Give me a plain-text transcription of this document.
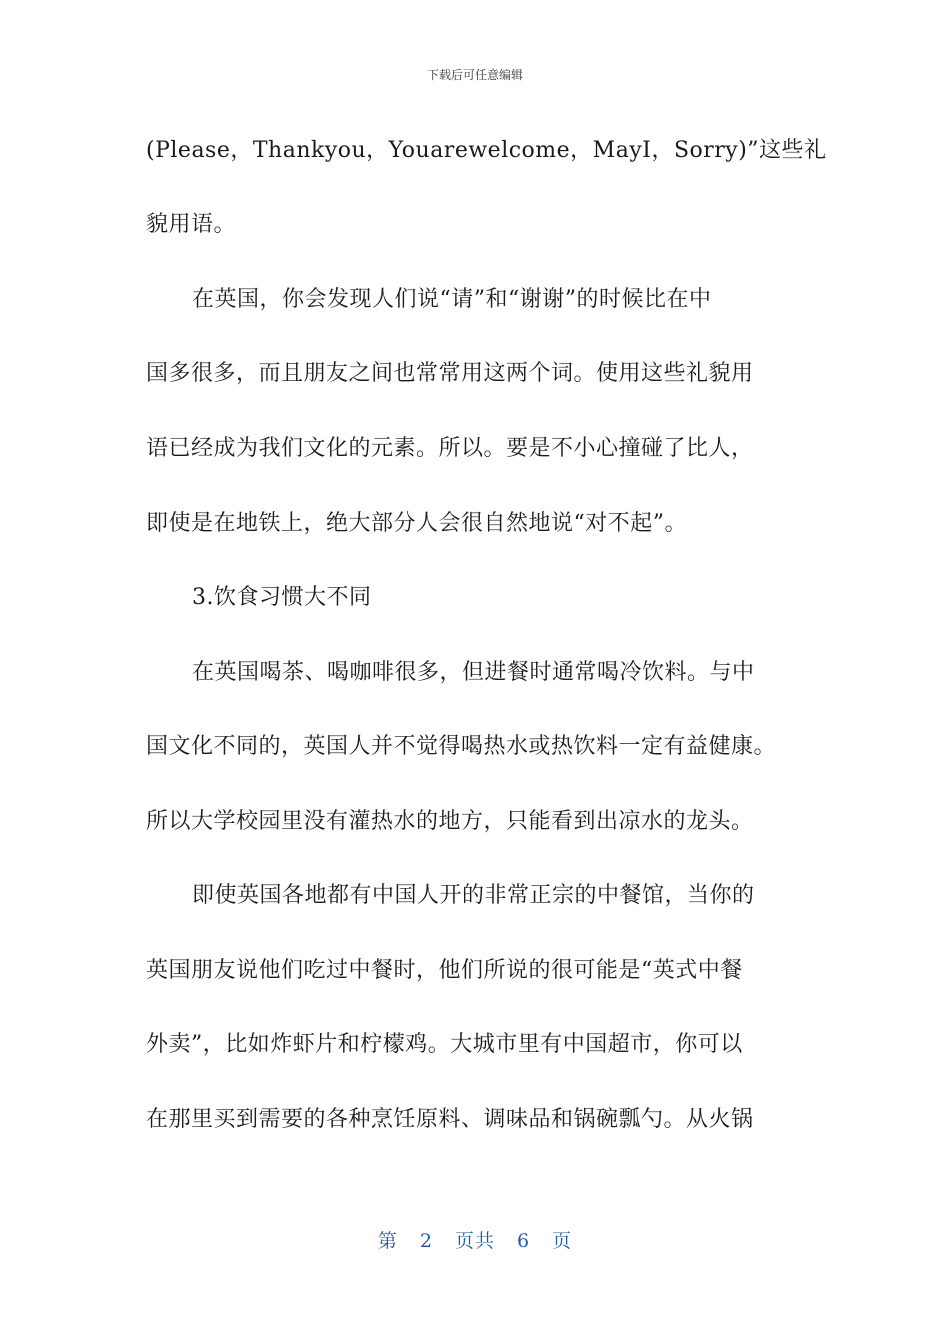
下载后可任意编辑
(Please，Thankyou，Youarewelcome，MayI，Sorry)”这些礼
貌用语。
在英国，你会发现人们说“请”和“谢谢”的时候比在中
国多很多，而且朋友之间也常常用这两个词。使用这些礼貌用
语已经成为我们文化的元素。所以。要是不小心撞碰了比人，
即使是在地铁上，绝大部分人会很自然地说“对不起”。
3.饮食习惯大不同
在英国喝茶、喝咖啡很多，但进餐时通常喝冷饮料。与中
国文化不同的，英国人并不觉得喝热水或热饮料一定有益健康。
所以大学校园里没有灌热水的地方，只能看到出凉水的龙头。
即使英国各地都有中国人开的非常正宗的中餐馆，当你的
英国朋友说他们吃过中餐时，他们所说的很可能是“英式中餐
外卖”，比如炸虾片和柠檬鸡。大城市里有中国超市，你可以
在那里买到需要的各种烹饪原料、调味品和锅碗瓢勺。从火锅
第 2 页共 6 页
